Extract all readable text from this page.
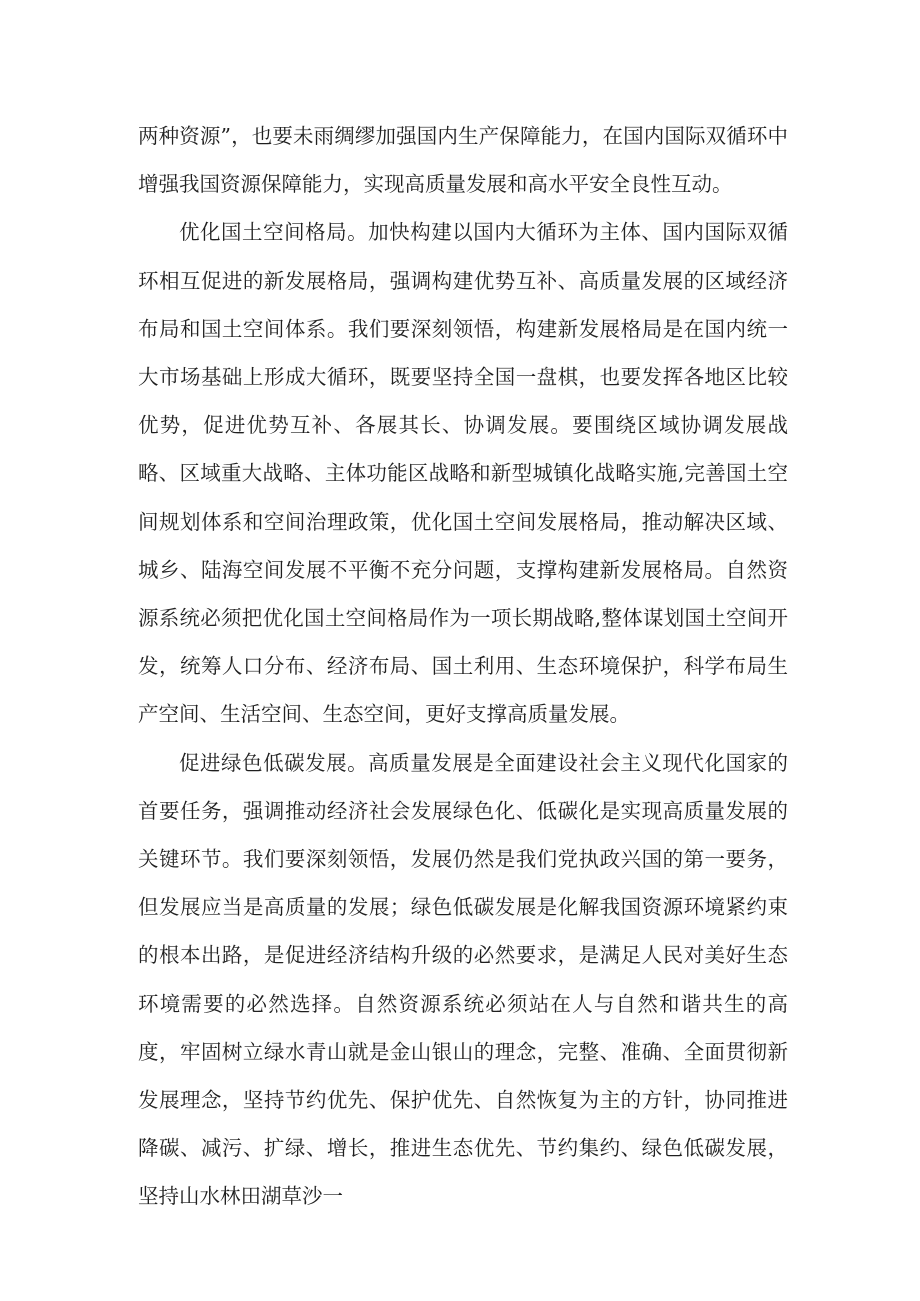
两种资源”，也要未雨绸缪加强国内生产保障能力，在国内国际双循环中增强我国资源保障能力，实现高质量发展和高水平安全良性互动。

优化国土空间格局。加快构建以国内大循环为主体、国内国际双循环相互促进的新发展格局，强调构建优势互补、高质量发展的区域经济布局和国土空间体系。我们要深刻领悟，构建新发展格局是在国内统一大市场基础上形成大循环，既要坚持全国一盘棋，也要发挥各地区比较优势，促进优势互补、各展其长、协调发展。要围绕区域协调发展战略、区域重大战略、主体功能区战略和新型城镇化战略实施,完善国土空间规划体系和空间治理政策，优化国土空间发展格局，推动解决区域、城乡、陆海空间发展不平衡不充分问题，支撑构建新发展格局。自然资源系统必须把优化国土空间格局作为一项长期战略,整体谋划国土空间开发，统筹人口分布、经济布局、国土利用、生态环境保护，科学布局生产空间、生活空间、生态空间，更好支撑高质量发展。

促进绿色低碳发展。高质量发展是全面建设社会主义现代化国家的首要任务，强调推动经济社会发展绿色化、低碳化是实现高质量发展的关键环节。我们要深刻领悟，发展仍然是我们党执政兴国的第一要务，但发展应当是高质量的发展；绿色低碳发展是化解我国资源环境紧约束的根本出路，是促进经济结构升级的必然要求，是满足人民对美好生态环境需要的必然选择。自然资源系统必须站在人与自然和谐共生的高度，牢固树立绿水青山就是金山银山的理念，完整、准确、全面贯彻新发展理念，坚持节约优先、保护优先、自然恢复为主的方针，协同推进降碳、减污、扩绿、增长，推进生态优先、节约集约、绿色低碳发展，坚持山水林田湖草沙一
